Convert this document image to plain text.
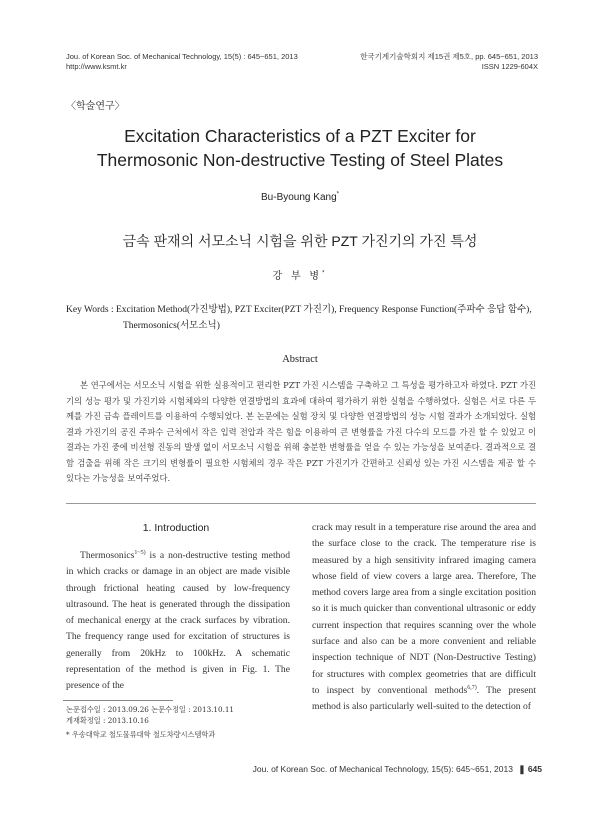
Jou. of Korean Soc. of Mechanical Technology, 15(5) : 645~651, 2013
http://www.ksmt.kr
한국기계기술학회지 제15권 제5호, pp. 645~651, 2013
ISSN 1229-604X
〈학술연구〉
Excitation Characteristics of a PZT Exciter for
Thermosonic Non-destructive Testing of Steel Plates
Bu-Byoung Kang*
금속 판재의 서모소닉 시험을 위한 PZT 가진기의 가진 특성
강 부 병*
Key Words : Excitation Method(가진방법), PZT Exciter(PZT 가진기), Frequency Response Function(주파수 응답 함수),
Thermosonics(서모소닉)
Abstract
본 연구에서는 서모소닉 시험을 위한 실용적이고 편리한 PZT 가진 시스템을 구축하고 그 특성을 평가하고자 하였다. PZT 가진기의 성능 평가 및 가진기와 시험체와의 다양한 연결방법의 효과에 대하여 평가하기 위한 실험을 수행하였다. 실험은 서로 다른 두께를 가진 금속 플레이트를 이용하여 수행되었다. 본 논문에는 실험 장치 및 다양한 연결방법의 성능 시험 결과가 소개되었다. 실험 결과 가진기의 공진 주파수 근처에서 작은 입력 전압과 작은 힘을 이용하여 큰 변형률을 가진 다수의 모드를 가진 할 수 있었고 이 결과는 가진 중에 비선형 진동의 발생 없이 서모소닉 시험을 위해 충분한 변형률을 얻을 수 있는 가능성을 보여준다. 결과적으로 결함 검출을 위해 작은 크기의 변형률이 필요한 시험체의 경우 작은 PZT 가진기가 간편하고 신뢰성 있는 가진 시스템을 제공 할 수 있다는 가능성을 보여주었다.
1. Introduction
Thermosonics$^{1\sim 5)}$ is a non-destructive testing method in which cracks or damage in an object are made visible through frictional heating caused by low-frequency ultrasound. The heat is generated through the dissipation of mechanical energy at the crack surfaces by vibration. The frequency range used for excitation of structures is generally from 20kHz to 100kHz. A schematic representation of the method is given in Fig. 1. The presence of the
논문접수일 : 2013.09.26 논문수정일 : 2013.10.11
게재확정일 : 2013.10.16
* 우송대학교 철도물류대학 철도차량시스템학과
crack may result in a temperature rise around the area and the surface close to the crack. The temperature rise is measured by a high sensitivity infrared imaging camera whose field of view covers a large area. Therefore, The method covers large area from a single excitation position so it is much quicker than conventional ultrasonic or eddy current inspection that requires scanning over the whole surface and also can be a more convenient and reliable inspection technique of NDT (Non-Destructive Testing) for structures with complex geometries that are difficult to inspect by conventional methods$^{6,7)}$. The present method is also particularly well-suited to the detection of
Jou. of Korean Soc. of Mechanical Technology, 15(5): 645~651, 2013 ❚ 645
